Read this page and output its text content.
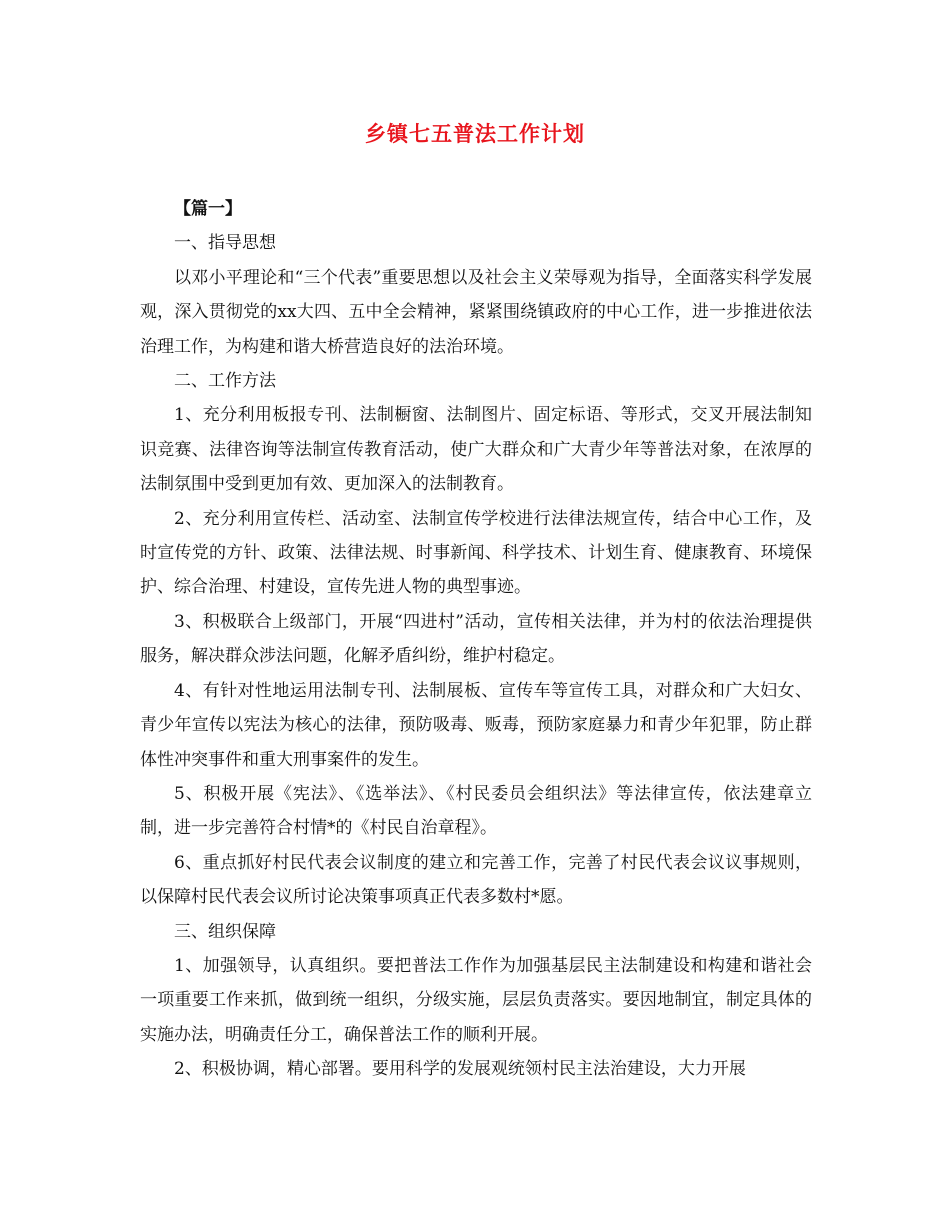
乡镇七五普法工作计划

【篇一】

一、指导思想

以邓小平理论和“三个代表”重要思想以及社会主义荣辱观为指导，全面落实科学发展观，深入贯彻党的xx大四、五中全会精神，紧紧围绕镇政府的中心工作，进一步推进依法治理工作，为构建和谐大桥营造良好的法治环境。

二、工作方法

1、充分利用板报专刊、法制橱窗、法制图片、固定标语、等形式，交叉开展法制知识竞赛、法律咨询等法制宣传教育活动，使广大群众和广大青少年等普法对象，在浓厚的法制氛围中受到更加有效、更加深入的法制教育。

2、充分利用宣传栏、活动室、法制宣传学校进行法律法规宣传，结合中心工作，及时宣传党的方针、政策、法律法规、时事新闻、科学技术、计划生育、健康教育、环境保护、综合治理、村建设，宣传先进人物的典型事迹。

3、积极联合上级部门，开展“四进村”活动，宣传相关法律，并为村的依法治理提供服务，解决群众涉法问题，化解矛盾纠纷，维护村稳定。

4、有针对性地运用法制专刊、法制展板、宣传车等宣传工具，对群众和广大妇女、青少年宣传以宪法为核心的法律，预防吸毒、贩毒，预防家庭暴力和青少年犯罪，防止群体性冲突事件和重大刑事案件的发生。

5、积极开展《宪法》、《选举法》、《村民委员会组织法》等法律宣传，依法建章立制，进一步完善符合村情*的《村民自治章程》。

6、重点抓好村民代表会议制度的建立和完善工作，完善了村民代表会议议事规则，以保障村民代表会议所讨论决策事项真正代表多数村*愿。

三、组织保障

1、加强领导，认真组织。要把普法工作作为加强基层民主法制建设和构建和谐社会一项重要工作来抓，做到统一组织，分级实施，层层负责落实。要因地制宜，制定具体的实施办法，明确责任分工，确保普法工作的顺利开展。

2、积极协调，精心部署。要用科学的发展观统领村民主法治建设，大力开展
